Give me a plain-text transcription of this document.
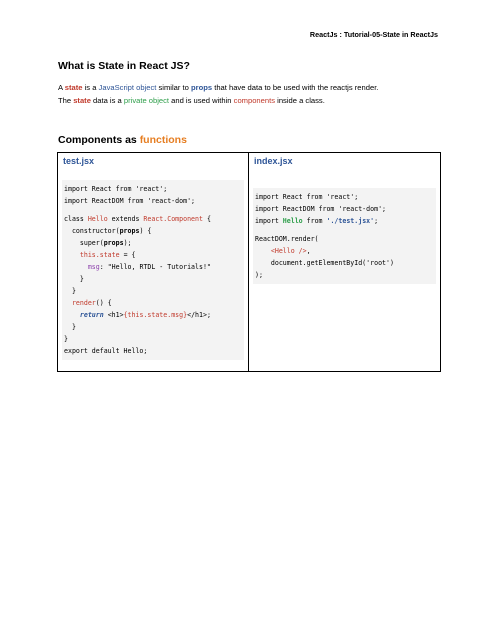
ReactJs : Tutorial-05-State in ReactJs
What is State in React JS?
A state is a JavaScript object similar to props that have data to be used with the reactjs render.
The state data is a private object and is used within components inside a class.
Components as functions
test.jsx
import React from 'react';
import ReactDOM from 'react-dom';
class Hello extends React.Component {
constructor(props) {
super(props);
this.state = {
msg: "Hello, RTDL - Tutorials!"
}
}
render() {
return <h1>{this.state.msg}</h1>;
}
}
export default Hello;

index.jsx
import React from 'react';
import ReactDOM from 'react-dom';
import Hello from './test.jsx';
ReactDOM.render(
<Hello />,
document.getElementById('root')
);
